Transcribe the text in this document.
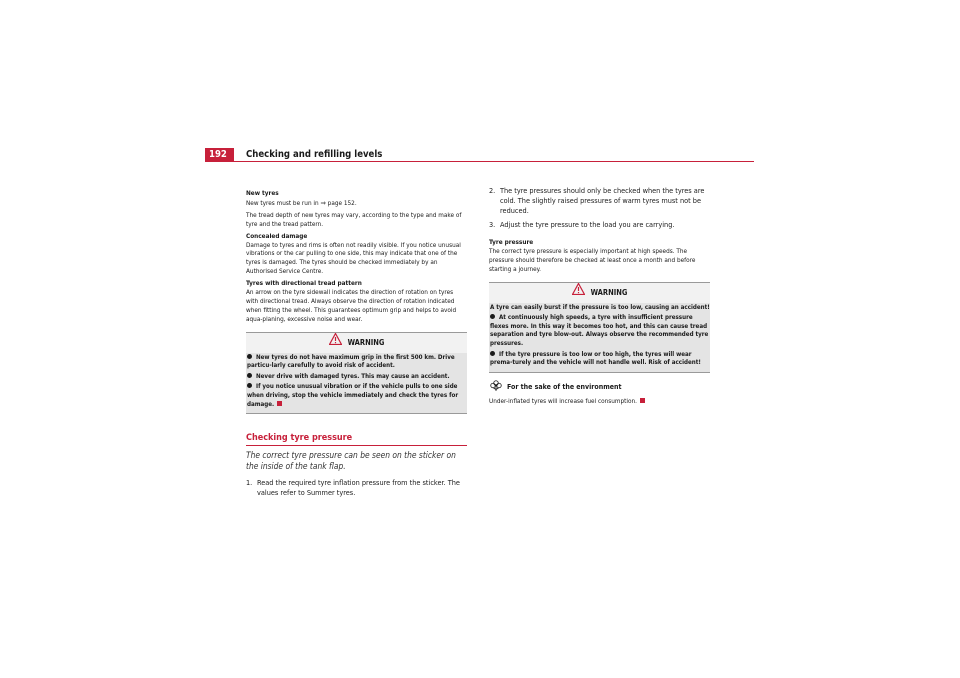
192	Checking and refilling levels

New tyres

New tyres must be run in ⇒ page 152.

The tread depth of new tyres may vary, according to the type and make of tyre and the tread pattern.

Concealed damage

Damage to tyres and rims is often not readily visible. If you notice unusual vibrations or the car pulling to one side, this may indicate that one of the tyres is damaged. The tyres should be checked immediately by an Authorised Service Centre.

Tyres with directional tread pattern

An arrow on the tyre sidewall indicates the direction of rotation on tyres with directional tread. Always observe the direction of rotation indicated when fitting the wheel. This guarantees optimum grip and helps to avoid aqua-planing, excessive noise and wear.

WARNING

New tyres do not have maximum grip in the first 500 km. Drive particu-larly carefully to avoid risk of accident.

Never drive with damaged tyres. This may cause an accident.

If you notice unusual vibration or if the vehicle pulls to one side when driving, stop the vehicle immediately and check the tyres for damage.

Checking tyre pressure
The correct tyre pressure can be seen on the sticker on the inside of the tank flap.
1. Read the required tyre inflation pressure from the sticker. The values refer to Summer tyres.
2. The tyre pressures should only be checked when the tyres are cold. The slightly raised pressures of warm tyres must not be reduced.
3. Adjust the tyre pressure to the load you are carrying.

Tyre pressure

The correct tyre pressure is especially important at high speeds. The pressure should therefore be checked at least once a month and before starting a journey.

WARNING

A tyre can easily burst if the pressure is too low, causing an accident!

At continuously high speeds, a tyre with insufficient pressure flexes more. In this way it becomes too hot, and this can cause tread separation and tyre blow-out. Always observe the recommended tyre pressures.

If the tyre pressure is too low or too high, the tyres will wear prema-turely and the vehicle will not handle well. Risk of accident!

For the sake of the environment

Under-inflated tyres will increase fuel consumption.
